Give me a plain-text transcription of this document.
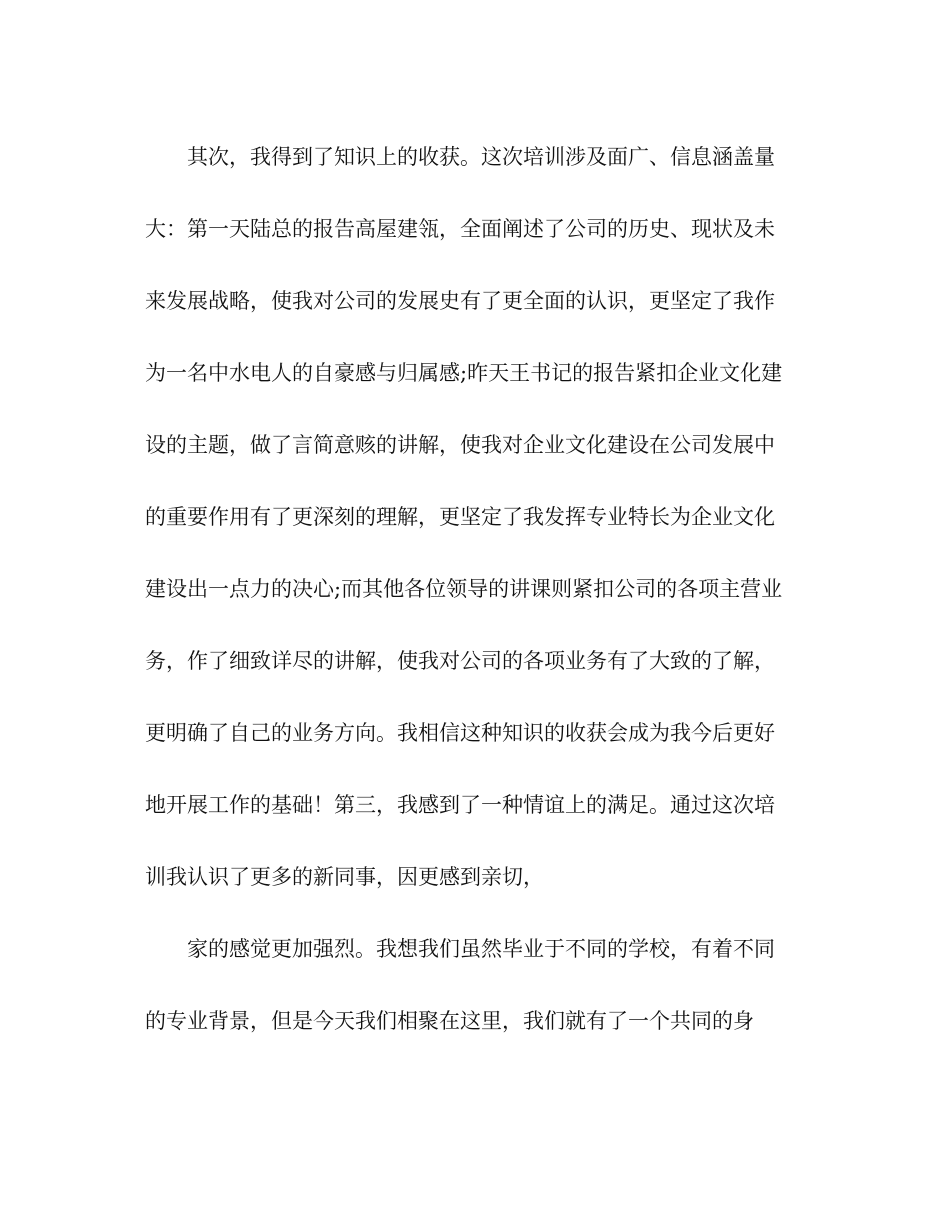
其次，我得到了知识上的收获。这次培训涉及面广、信息涵盖量
大：第一天陆总的报告高屋建瓴，全面阐述了公司的历史、现状及未
来发展战略，使我对公司的发展史有了更全面的认识，更坚定了我作
为一名中水电人的自豪感与归属感;昨天王书记的报告紧扣企业文化建
设的主题，做了言简意赅的讲解，使我对企业文化建设在公司发展中
的重要作用有了更深刻的理解，更坚定了我发挥专业特长为企业文化
建设出一点力的决心;而其他各位领导的讲课则紧扣公司的各项主营业
务，作了细致详尽的讲解，使我对公司的各项业务有了大致的了解，
更明确了自己的业务方向。我相信这种知识的收获会成为我今后更好
地开展工作的基础！第三，我感到了一种情谊上的满足。通过这次培
训我认识了更多的新同事，因更感到亲切，
家的感觉更加强烈。我想我们虽然毕业于不同的学校，有着不同
的专业背景，但是今天我们相聚在这里，我们就有了一个共同的身
